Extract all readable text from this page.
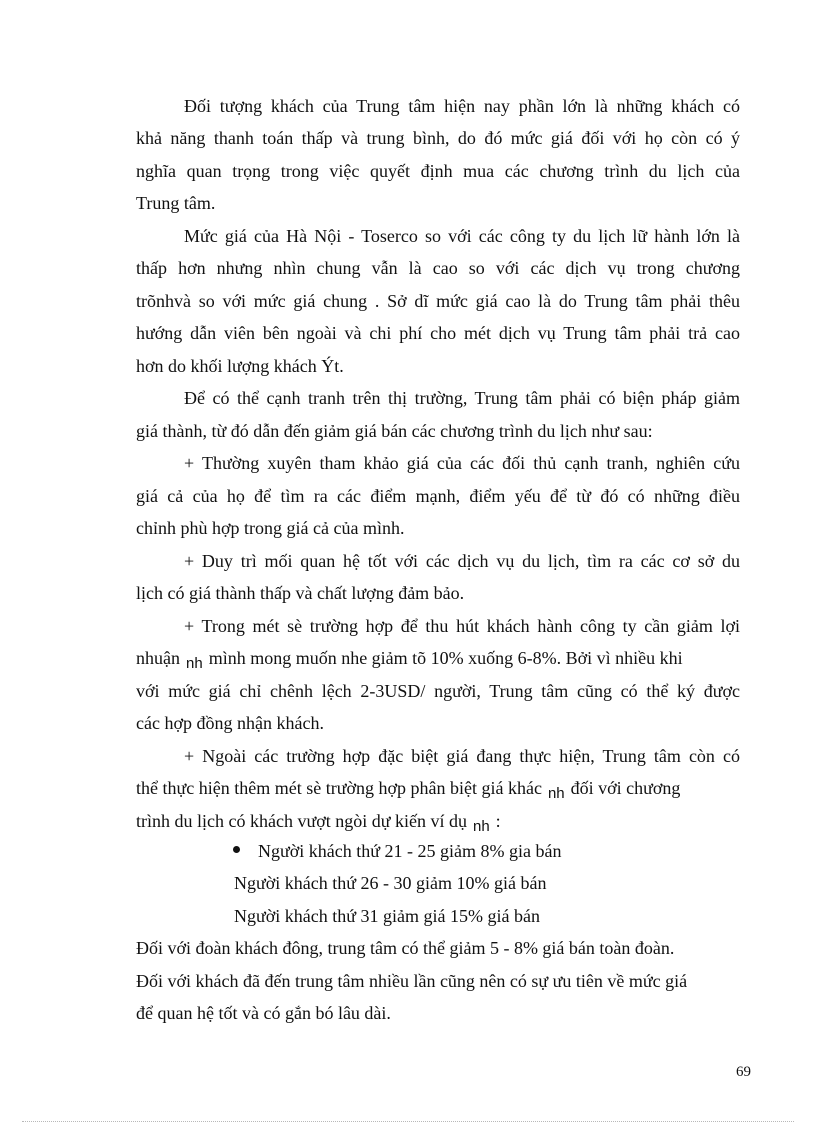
Đối tượng khách của Trung tâm hiện nay phần lớn là những khách có

khả năng thanh toán thấp và trung bình, do đó mức giá đối với họ còn có ý

nghĩa quan trọng trong việc quyết định mua các chương trình du lịch của

Trung tâm.

Mức giá của Hà Nội - Toserco so với các công ty du lịch lữ hành lớn là

thấp hơn nhưng nhìn chung vẫn là cao so với các dịch vụ trong chương

trõnhvà so với mức giá chung . Sở dĩ mức giá cao là do Trung tâm phải thêu

hướng dẫn viên bên ngoài và chi phí cho mét dịch vụ Trung tâm phải trả cao

hơn do khối lượng khách Ýt.

Để có thể cạnh tranh trên thị trường, Trung tâm phải có biện pháp giảm

giá thành, từ đó dẫn đến giảm giá bán các chương trình du lịch như sau:

+ Thường xuyên tham khảo giá của các đối thủ cạnh tranh, nghiên cứu

giá cả của họ để tìm ra các điểm mạnh, điểm yếu để từ đó có những điều

chỉnh phù hợp trong giá cả của mình.

+ Duy trì mối quan hệ tốt với các dịch vụ du lịch, tìm ra các cơ sở du

lịch có giá thành thấp và chất lượng đảm bảo.

+ Trong mét sè trường hợp để thu hút khách hành công ty cần giảm lợi

nhuận $_{nh}$ mình mong muốn nhe giảm tõ 10% xuống 6-8%. Bởi vì nhiều khi

với mức giá chỉ chênh lệch 2-3USD/ người, Trung tâm cũng có thể ký được

các hợp đồng nhận khách.

+ Ngoài các trường hợp đặc biệt giá đang thực hiện, Trung tâm còn có

thể thực hiện thêm mét sè trường hợp phân biệt giá khác $_{nh}$ đối với chương

trình du lịch có khách vượt ngòi dự kiến ví dụ $_{nh}$ :

Người khách thứ 21 - 25 giảm 8% gia bán

Người khách thứ 26 - 30 giảm 10% giá bán

Người khách thứ 31 giảm giá 15% giá bán

Đối với đoàn khách đông, trung tâm có thể giảm 5 - 8% giá bán toàn đoàn.

Đối với khách đã đến trung tâm nhiều lần cũng nên có sự ưu tiên về mức giá

để quan hệ tốt và có gắn bó lâu dài.

69
